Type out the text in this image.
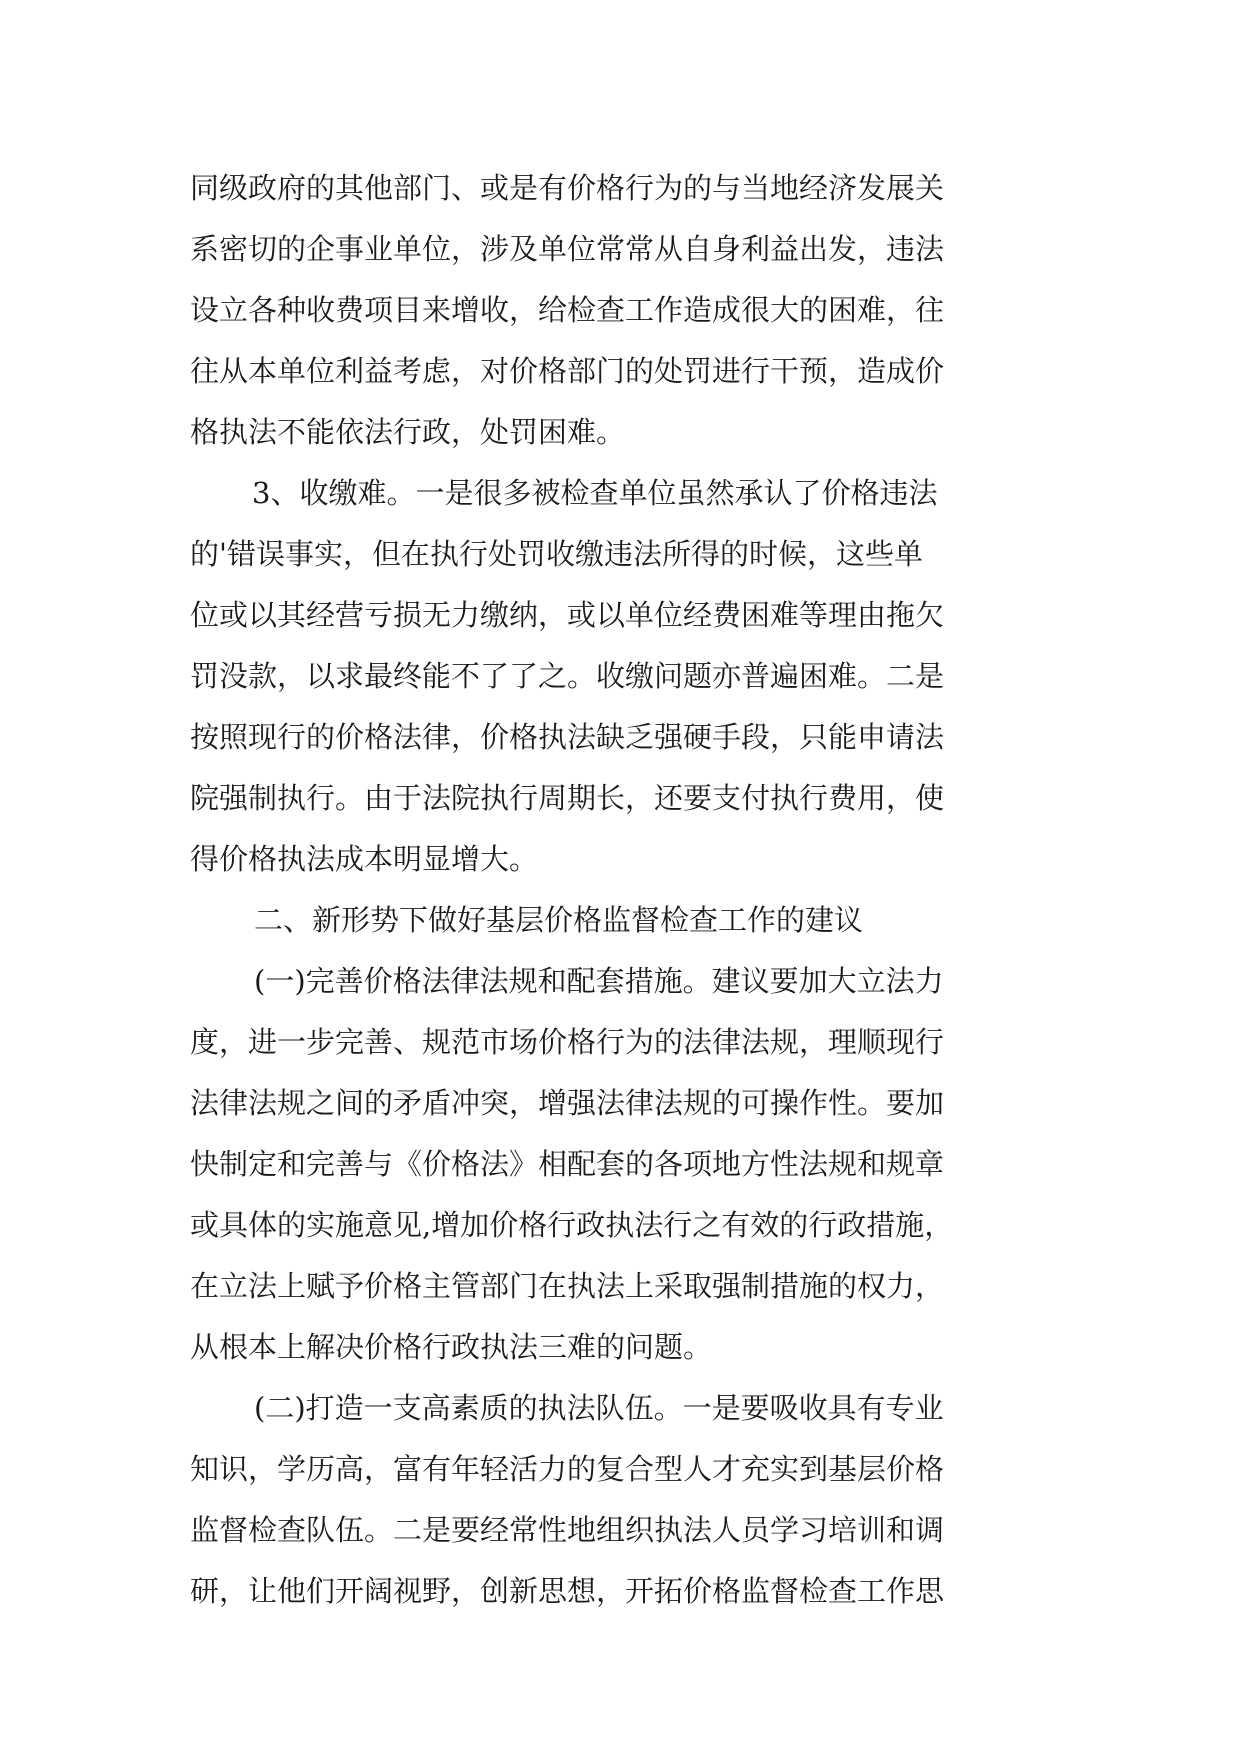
同级政府的其他部门、或是有价格行为的与当地经济发展关
系密切的企事业单位，涉及单位常常从自身利益出发，违法
设立各种收费项目来增收，给检查工作造成很大的困难，往
往从本单位利益考虑，对价格部门的处罚进行干预，造成价
格执法不能依法行政，处罚困难。
3、收缴难。一是很多被检查单位虽然承认了价格违法
的'错误事实，但在执行处罚收缴违法所得的时候，这些单
位或以其经营亏损无力缴纳，或以单位经费困难等理由拖欠
罚没款，以求最终能不了了之。收缴问题亦普遍困难。二是
按照现行的价格法律，价格执法缺乏强硬手段，只能申请法
院强制执行。由于法院执行周期长，还要支付执行费用，使
得价格执法成本明显增大。
二、新形势下做好基层价格监督检查工作的建议
(一)完善价格法律法规和配套措施。建议要加大立法力
度，进一步完善、规范市场价格行为的法律法规，理顺现行
法律法规之间的矛盾冲突，增强法律法规的可操作性。要加
快制定和完善与《价格法》相配套的各项地方性法规和规章
或具体的实施意见,增加价格行政执法行之有效的行政措施，
在立法上赋予价格主管部门在执法上采取强制措施的权力，
从根本上解决价格行政执法三难的问题。
(二)打造一支高素质的执法队伍。一是要吸收具有专业
知识，学历高，富有年轻活力的复合型人才充实到基层价格
监督检查队伍。二是要经常性地组织执法人员学习培训和调
研，让他们开阔视野，创新思想，开拓价格监督检查工作思
